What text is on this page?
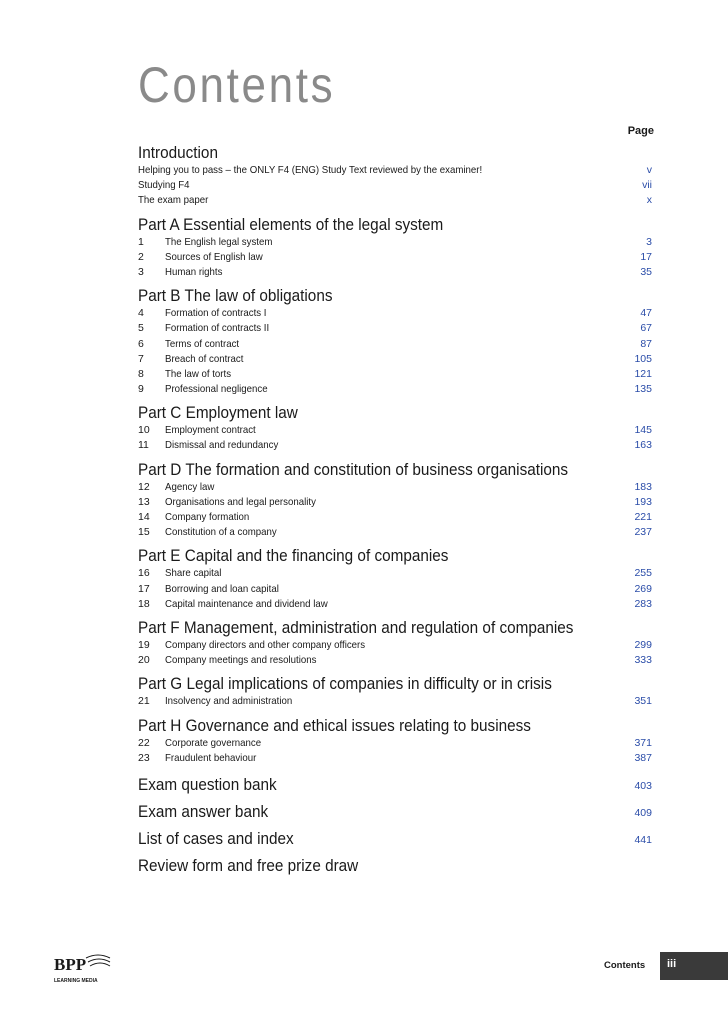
Contents
Page
Introduction
Helping you to pass – the ONLY F4 (ENG) Study Text reviewed by the examiner!	v
Studying F4	vii
The exam paper	x
Part A Essential elements of the legal system
1	The English legal system	3
2	Sources of English law	17
3	Human rights	35
Part B The law of obligations
4	Formation of contracts I	47
5	Formation of contracts II	67
6	Terms of contract	87
7	Breach of contract	105
8	The law of torts	121
9	Professional negligence	135
Part C Employment law
10	Employment contract	145
11	Dismissal and redundancy	163
Part D The formation and constitution of business organisations
12	Agency law	183
13	Organisations and legal personality	193
14	Company formation	221
15	Constitution of a company	237
Part E Capital and the financing of companies
16	Share capital	255
17	Borrowing and loan capital	269
18	Capital maintenance and dividend law	283
Part F Management, administration and regulation of companies
19	Company directors and other company officers	299
20	Company meetings and resolutions	333
Part G Legal implications of companies in difficulty or in crisis
21	Insolvency and administration	351
Part H Governance and ethical issues relating to business
22	Corporate governance	371
23	Fraudulent behaviour	387
Exam question bank	403
Exam answer bank	409
List of cases and index	441
Review form and free prize draw
BPP
LEARNING MEDIA
Contents iii
